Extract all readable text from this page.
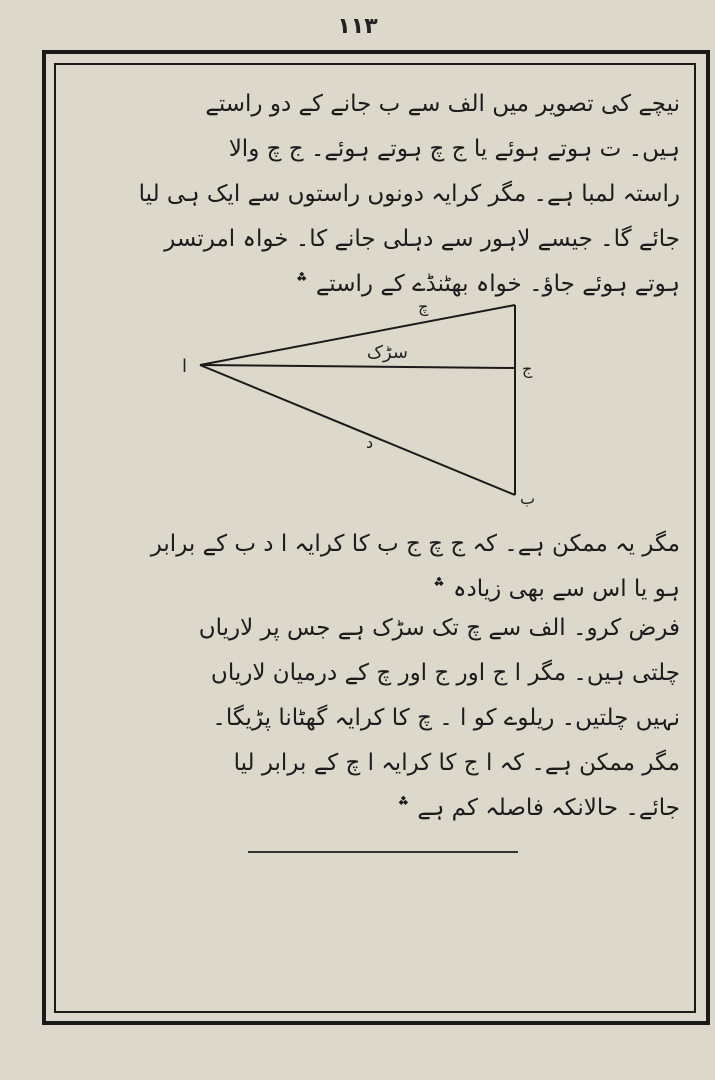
۱۱۳
نیچے کی تصویر میں الف سے ب جانے کے دو راستے
ہیں۔ ت ہوتے ہوئے یا ج چ ہوتے ہوئے۔ ج چ والا
راستہ لمبا ہے۔ مگر کرایہ دونوں راستوں سے ایک ہی لیا
جائے گا۔ جیسے لاہور سے دہلی جانے کا۔ خواہ امرتسر
ہوتے ہوئے جاؤ۔ خواہ بھٹنڈے کے راستے ؞
ا
چ
ج
ب
د
سڑک
مگر یہ ممکن ہے۔ کہ ج چ ج ب کا کرایہ ا د ب کے برابر
ہو یا اس سے بھی زیادہ ؞
فرض کرو۔ الف سے چ تک سڑک ہے جس پر لاریاں
چلتی ہیں۔ مگر ا ج اور ج اور چ کے درمیان لاریاں
نہیں چلتیں۔ ریلوے کو ا ۔ چ کا کرایہ گھٹانا پڑیگا۔
مگر ممکن ہے۔ کہ ا ج کا کرایہ ا چ کے برابر لیا
جائے۔ حالانکہ فاصلہ کم ہے ؞
